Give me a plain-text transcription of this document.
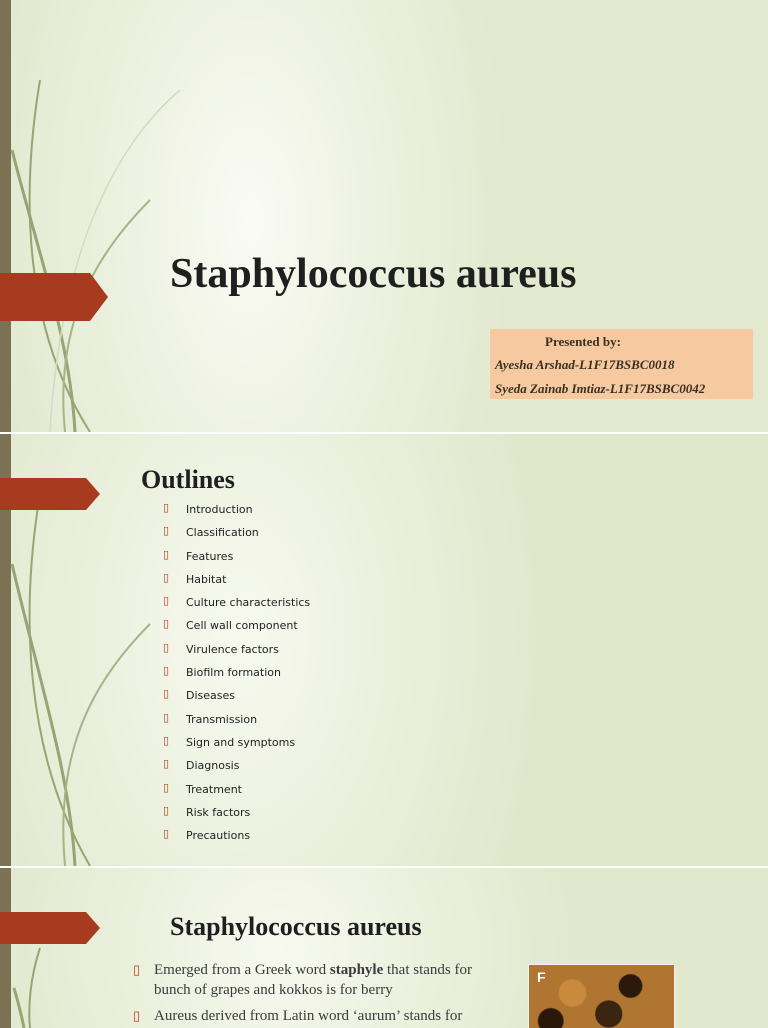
Staphylococcus aureus
Presented by:
Ayesha Arshad-L1F17BSBC0018
Syeda Zainab Imtiaz-L1F17BSBC0042
Outlines
▯ Introduction
▯ Classification
▯ Features
▯ Habitat
▯ Culture characteristics
▯ Cell wall component
▯ Virulence factors
▯ Biofilm formation
▯ Diseases
▯ Transmission
▯ Sign and symptoms
▯ Diagnosis
▯ Treatment
▯ Risk factors
▯ Precautions
Staphylococcus aureus
▯ Emerged from a Greek word staphyle that stands for bunch of grapes and kokkos is for berry
▯ Aureus derived from Latin word ‘aurum’ stands for
F
